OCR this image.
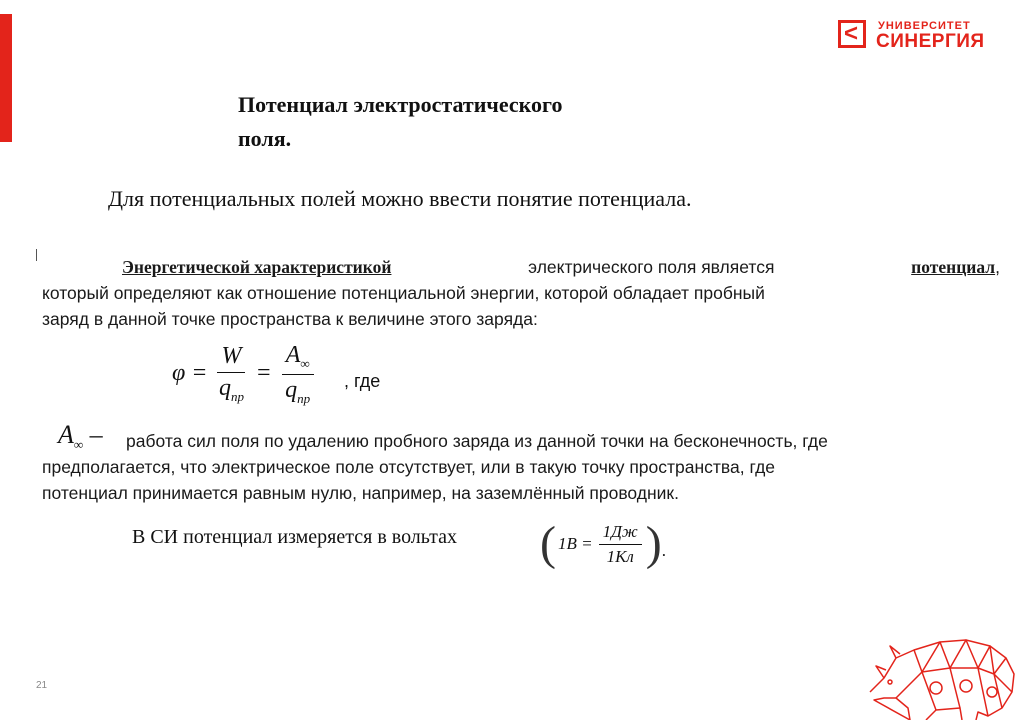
< УНИВЕРСИТЕТ
СИНЕРГИЯ
Потенциал электростатического
поля.
Для потенциальных полей можно ввести понятие потенциала.
Энергетической характеристикой	электрического поля является	потенциал,
который определяют как отношение потенциальной энергии, которой обладает пробный
заряд в данной точке пространства к величине этого заряда:
$\varphi = \frac{W}{q_{пр}} = \frac{A_\infty}{q_{пр}}$ , где
$A_\infty$ –	работа сил поля по удалению пробного заряда из данной точки на бесконечность, где
предполагается, что электрическое поле отсутствует, или в такую точку пространства, где
потенциал принимается равным нулю, например, на заземлённый проводник.
В СИ потенциал измеряется в вольтах ( $1В = \frac{1Дж}{1Кл}$ ) .
21
